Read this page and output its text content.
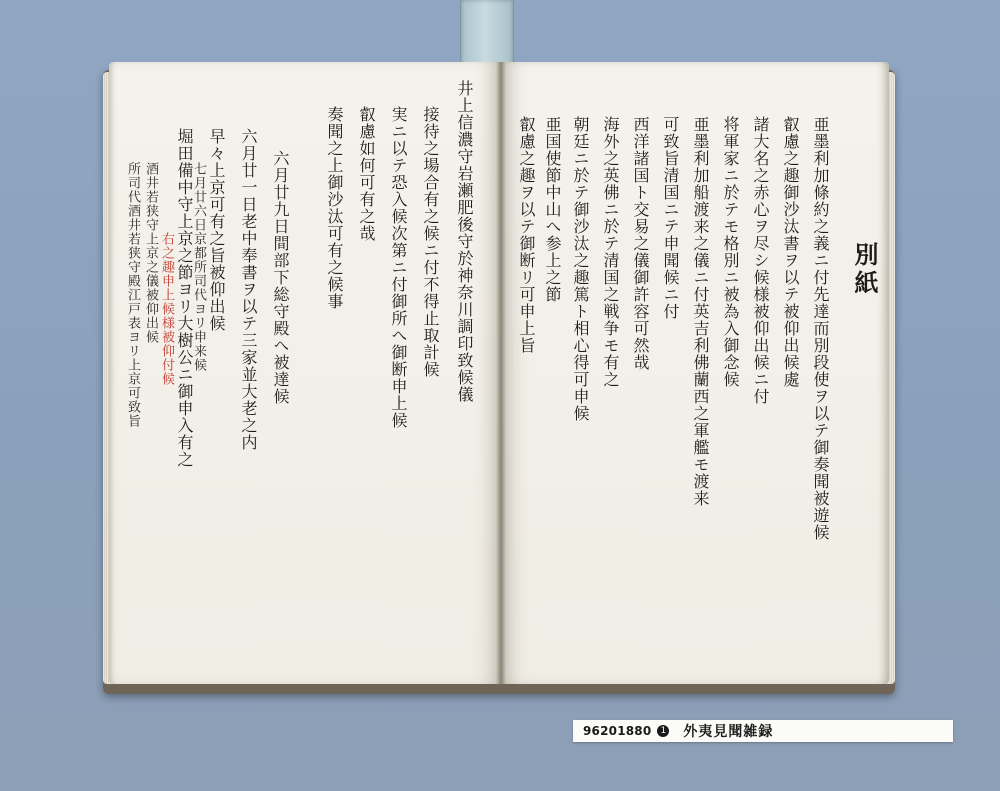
井上信濃守岩瀬肥後守於神奈川調印致候儀
接待之場合有之候ニ付不得止取計候
実ニ以テ恐入候次第ニ付御所へ御断申上候
叡慮如何可有之哉
奏聞之上御沙汰可有之候事
六月廿九日間部下総守殿へ被達候
六月廿一日老中奉書ヲ以テ三家並大老之内
早々上京可有之旨被仰出候
堀田備中守上京之節ヨリ大樹公ニ御申入有之
七月廿六日京都所司代ヨリ申来候
右之趣申上候様被仰付候
酒井若狭守上京之儀被仰出候
所司代酒井若狭守殿江戸表ヨリ上京可致旨	別紙
亜墨利加條約之義ニ付先達而別段使ヲ以テ御奏聞被遊候
叡慮之趣御沙汰書ヲ以テ被仰出候處
諸大名之赤心ヲ尽シ候様被仰出候ニ付
将軍家ニ於テモ格別ニ被為入御念候
亜墨利加船渡来之儀ニ付英吉利佛蘭西之軍艦モ渡来
可致旨清国ニテ申聞候ニ付
西洋諸国ト交易之儀御許容可然哉
海外之英佛ニ於テ清国之戦争モ有之
朝廷ニ於テ御沙汰之趣篤ト相心得可申候
亜国使節中山へ参上之節
叡慮之趣ヲ以テ御断リ可申上旨
96201880	1 外夷見聞雑録
